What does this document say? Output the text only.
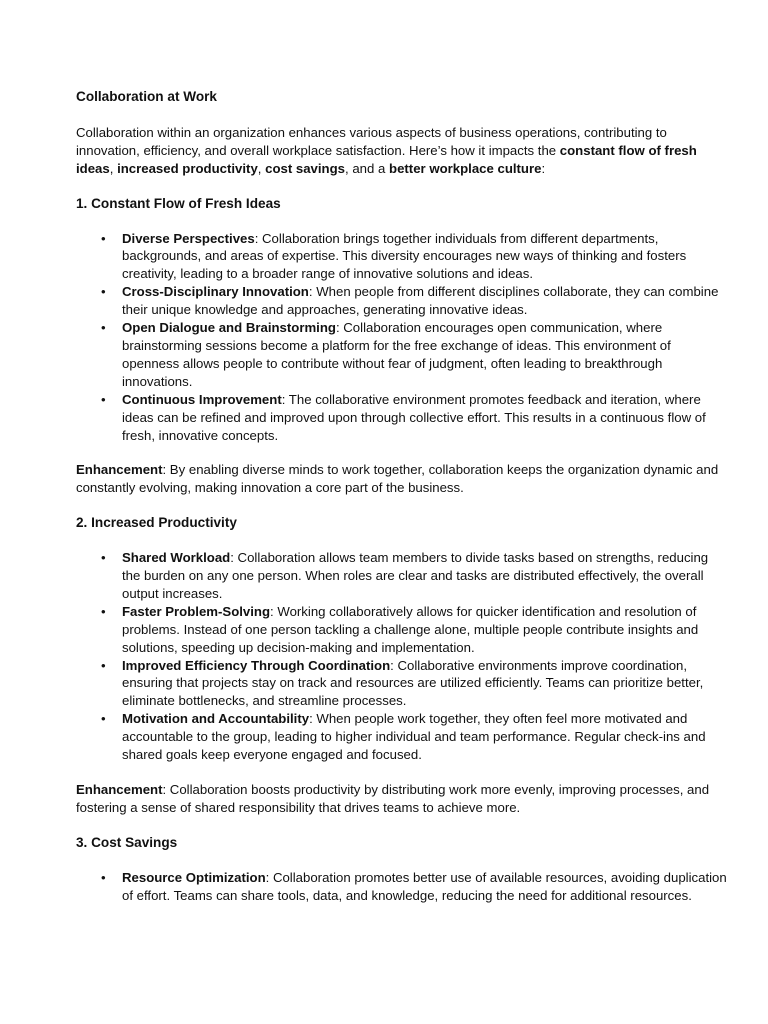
Collaboration at Work

Collaboration within an organization enhances various aspects of business operations, contributing to innovation, efficiency, and overall workplace satisfaction. Here’s how it impacts the constant flow of fresh ideas, increased productivity, cost savings, and a better workplace culture:

1. Constant Flow of Fresh Ideas
• Diverse Perspectives: Collaboration brings together individuals from different departments, backgrounds, and areas of expertise. This diversity encourages new ways of thinking and fosters creativity, leading to a broader range of innovative solutions and ideas.
• Cross-Disciplinary Innovation: When people from different disciplines collaborate, they can combine their unique knowledge and approaches, generating innovative ideas.
• Open Dialogue and Brainstorming: Collaboration encourages open communication, where brainstorming sessions become a platform for the free exchange of ideas. This environment of openness allows people to contribute without fear of judgment, often leading to breakthrough innovations.
• Continuous Improvement: The collaborative environment promotes feedback and iteration, where ideas can be refined and improved upon through collective effort. This results in a continuous flow of fresh, innovative concepts.

Enhancement: By enabling diverse minds to work together, collaboration keeps the organization dynamic and constantly evolving, making innovation a core part of the business.

2. Increased Productivity
• Shared Workload: Collaboration allows team members to divide tasks based on strengths, reducing the burden on any one person. When roles are clear and tasks are distributed effectively, the overall output increases.
• Faster Problem-Solving: Working collaboratively allows for quicker identification and resolution of problems. Instead of one person tackling a challenge alone, multiple people contribute insights and solutions, speeding up decision-making and implementation.
• Improved Efficiency Through Coordination: Collaborative environments improve coordination, ensuring that projects stay on track and resources are utilized efficiently. Teams can prioritize better, eliminate bottlenecks, and streamline processes.
• Motivation and Accountability: When people work together, they often feel more motivated and accountable to the group, leading to higher individual and team performance. Regular check-ins and shared goals keep everyone engaged and focused.

Enhancement: Collaboration boosts productivity by distributing work more evenly, improving processes, and fostering a sense of shared responsibility that drives teams to achieve more.

3. Cost Savings
• Resource Optimization: Collaboration promotes better use of available resources, avoiding duplication of effort. Teams can share tools, data, and knowledge, reducing the need for additional resources.
